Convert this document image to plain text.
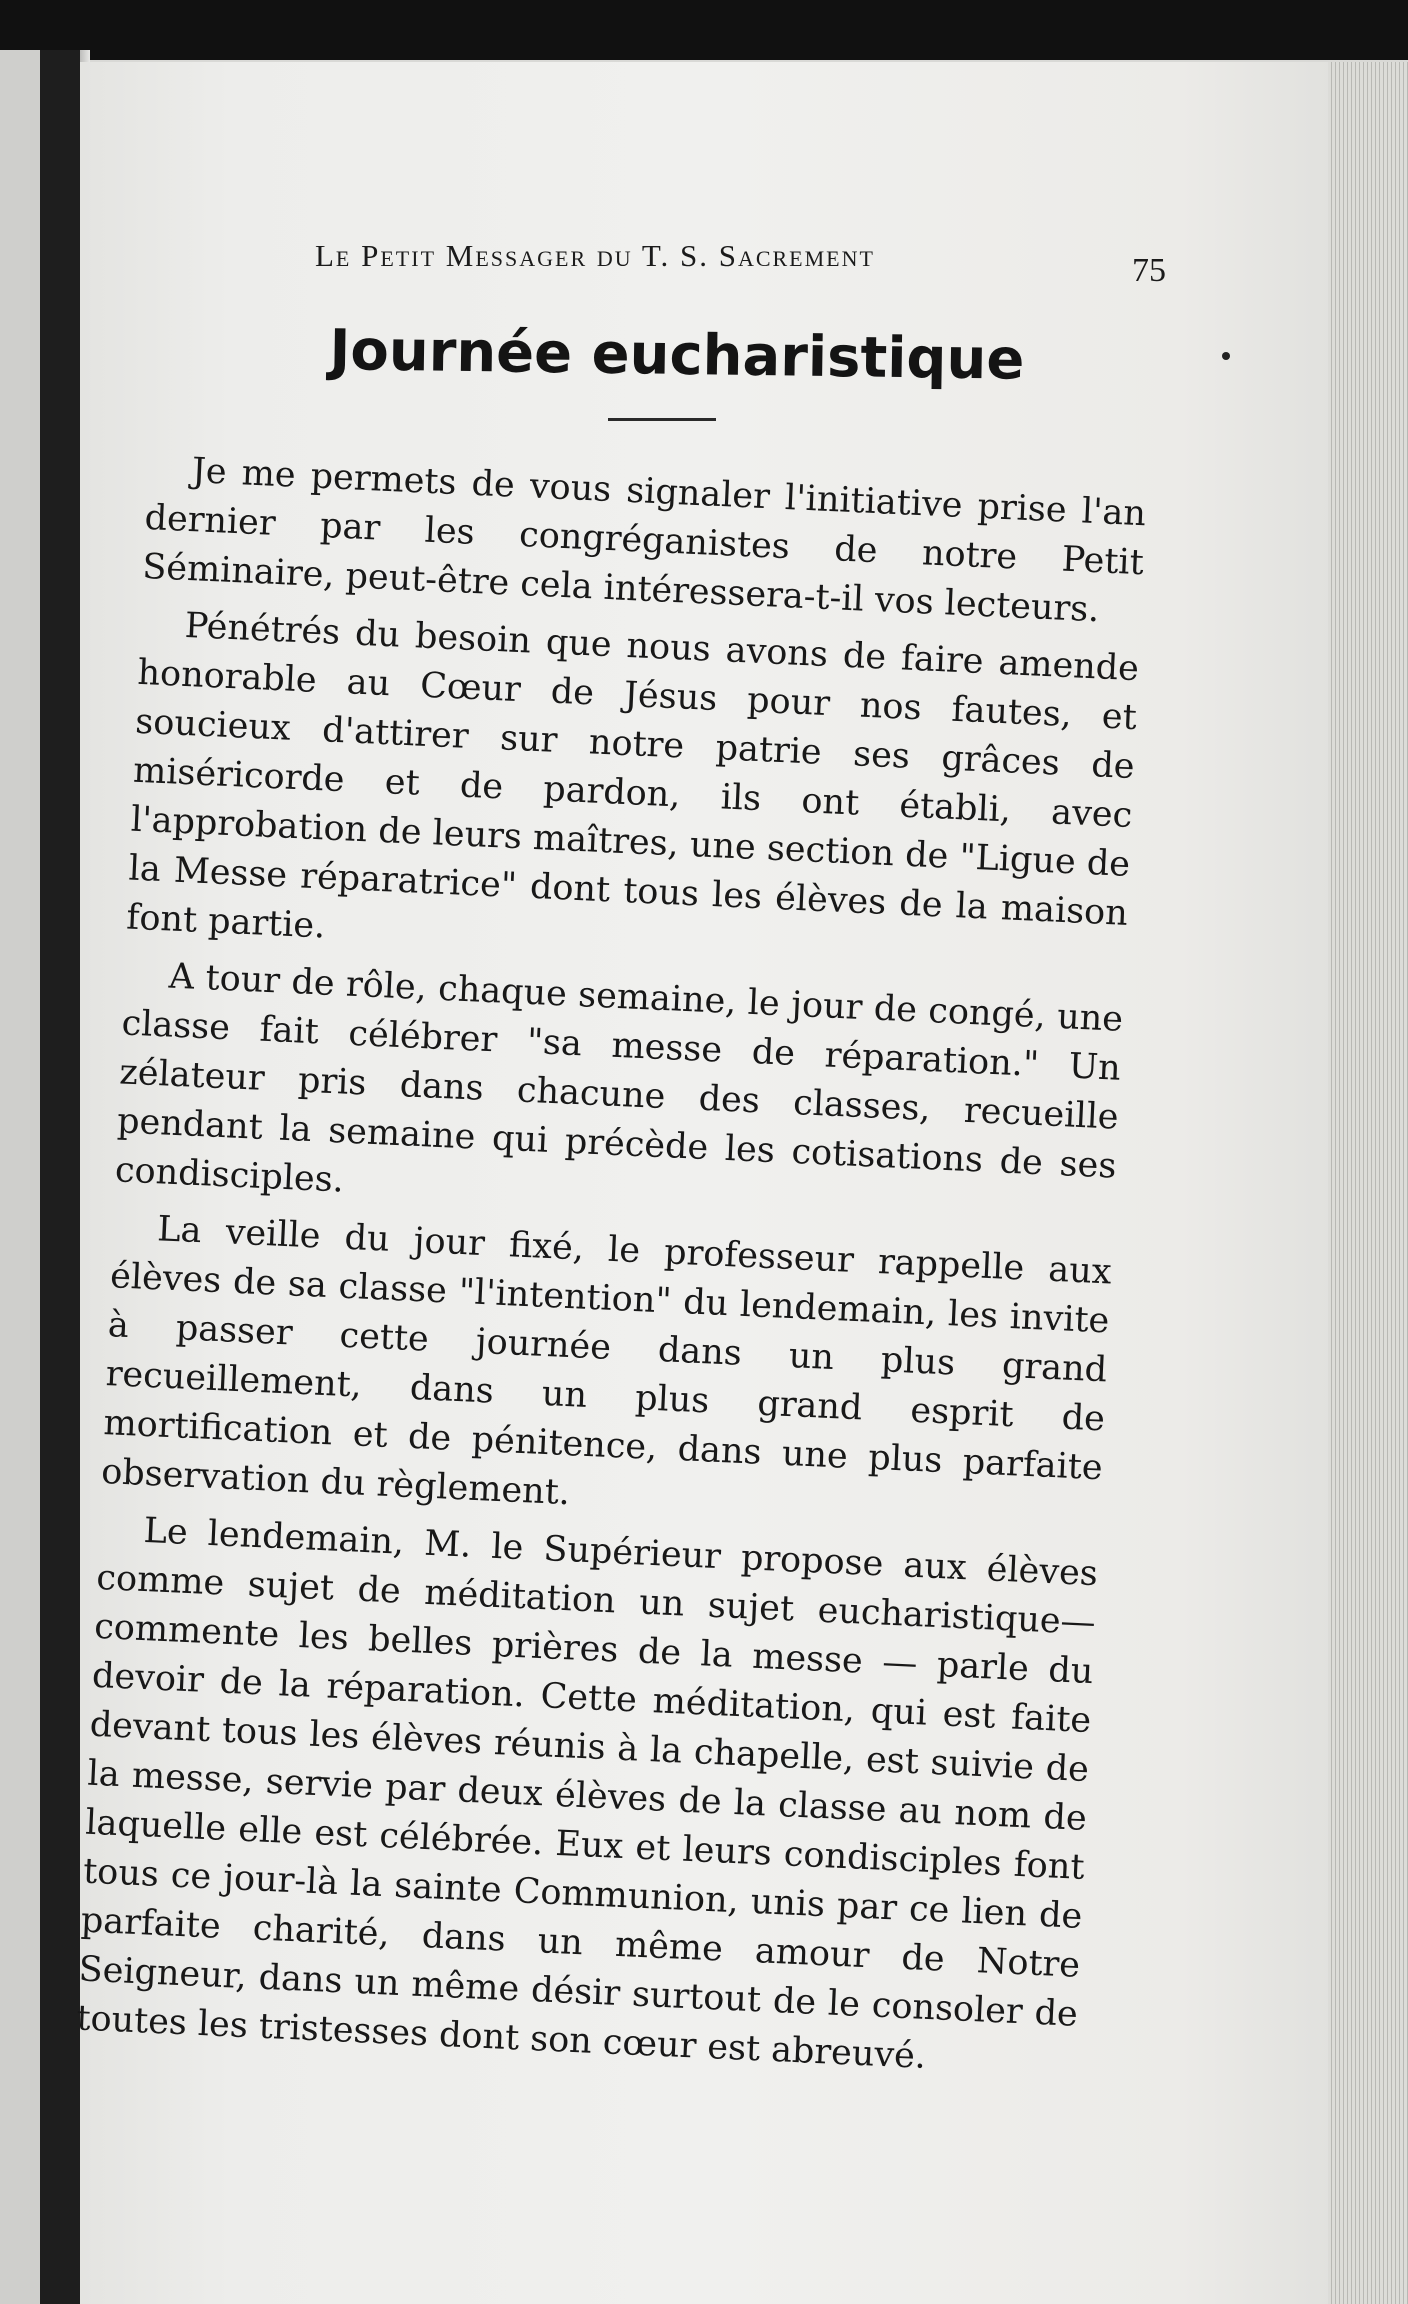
Le Petit Messager du T. S. Sacrement	75
Journée eucharistique

Je me permets de vous signaler l'initiative prise l'an dernier par les congréganistes de notre Petit Séminaire, peut-être cela intéressera-t-il vos lecteurs.

Pénétrés du besoin que nous avons de faire amende honorable au Cœur de Jésus pour nos fautes, et soucieux d'attirer sur notre patrie ses grâces de miséricorde et de pardon, ils ont établi, avec l'approbation de leurs maîtres, une section de "Ligue de la Messe réparatrice" dont tous les élèves de la maison font partie.

A tour de rôle, chaque semaine, le jour de congé, une classe fait célébrer "sa messe de réparation." Un zélateur pris dans chacune des classes, recueille pendant la semaine qui précède les cotisations de ses condisciples.

La veille du jour fixé, le professeur rappelle aux élèves de sa classe "l'intention" du lendemain, les invite à passer cette journée dans un plus grand recueillement, dans un plus grand esprit de mortification et de pénitence, dans une plus parfaite observation du règlement.

Le lendemain, M. le Supérieur propose aux élèves comme sujet de méditation un sujet eucharistique—commente les belles prières de la messe — parle du devoir de la réparation. Cette méditation, qui est faite devant tous les élèves réunis à la chapelle, est suivie de la messe, servie par deux élèves de la classe au nom de laquelle elle est célébrée. Eux et leurs condisciples font tous ce jour-là la sainte Communion, unis par ce lien de parfaite charité, dans un même amour de Notre Seigneur, dans un même désir surtout de le consoler de toutes les tristesses dont son cœur est abreuvé.
